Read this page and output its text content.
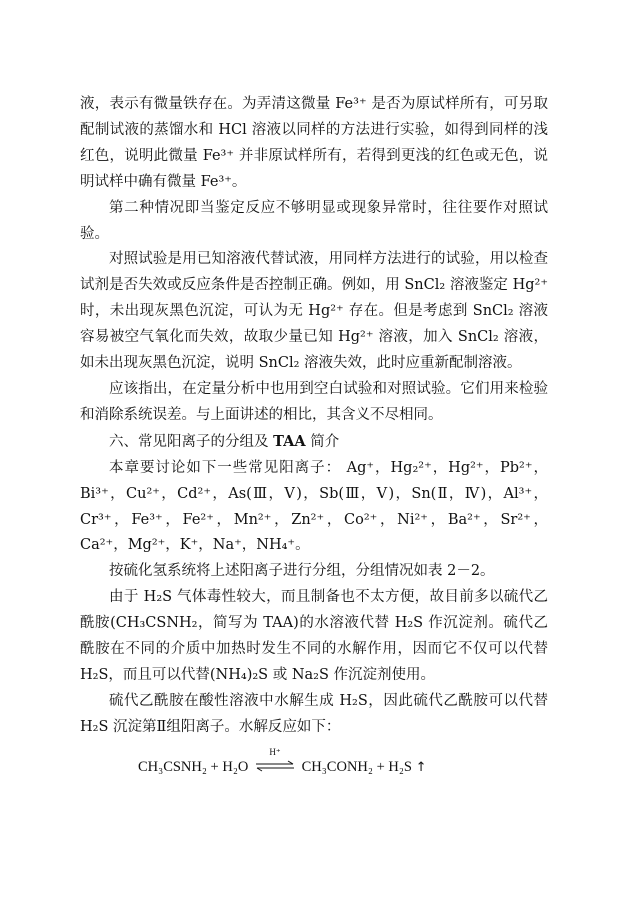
液，表示有微量铁存在。为弄清这微量 Fe³⁺ 是否为原试样所有，可另取配制试液的蒸馏水和 HCl 溶液以同样的方法进行实验，如得到同样的浅红色，说明此微量 Fe³⁺ 并非原试样所有，若得到更浅的红色或无色，说明试样中确有微量 Fe³⁺。

第二种情况即当鉴定反应不够明显或现象异常时，往往要作对照试验。

对照试验是用已知溶液代替试液，用同样方法进行的试验，用以检查试剂是否失效或反应条件是否控制正确。例如，用 SnCl₂ 溶液鉴定 Hg²⁺ 时，未出现灰黑色沉淀，可认为无 Hg²⁺ 存在。但是考虑到 SnCl₂ 溶液容易被空气氧化而失效，故取少量已知 Hg²⁺ 溶液，加入 SnCl₂ 溶液，如未出现灰黑色沉淀，说明 SnCl₂ 溶液失效，此时应重新配制溶液。

应该指出，在定量分析中也用到空白试验和对照试验。它们用来检验和消除系统误差。与上面讲述的相比，其含义不尽相同。

六、常见阳离子的分组及 TAA 简介

本章要讨论如下一些常见阳离子： Ag⁺，Hg₂²⁺，Hg²⁺，Pb²⁺，Bi³⁺，Cu²⁺，Cd²⁺，As(Ⅲ，Ⅴ)，Sb(Ⅲ，Ⅴ)，Sn(Ⅱ，Ⅳ)，Al³⁺，Cr³⁺，Fe³⁺，Fe²⁺，Mn²⁺，Zn²⁺，Co²⁺，Ni²⁺，Ba²⁺，Sr²⁺，Ca²⁺，Mg²⁺，K⁺，Na⁺，NH₄⁺。

按硫化氢系统将上述阳离子进行分组，分组情况如表 2－2。

由于 H₂S 气体毒性较大，而且制备也不太方便，故目前多以硫代乙酰胺(CH₃CSNH₂，简写为 TAA)的水溶液代替 H₂S 作沉淀剂。硫代乙酰胺在不同的介质中加热时发生不同的水解作用，因而它不仅可以代替 H₂S，而且可以代替(NH₄)₂S 或 Na₂S 作沉淀剂使用。

硫代乙酰胺在酸性溶液中水解生成 H₂S，因此硫代乙酰胺可以代替 H₂S 沉淀第Ⅱ组阳离子。水解反应如下：

CH₃CSNH₂ + H₂O
H⁺
CH₃CONH₂ + H₂S ↑
